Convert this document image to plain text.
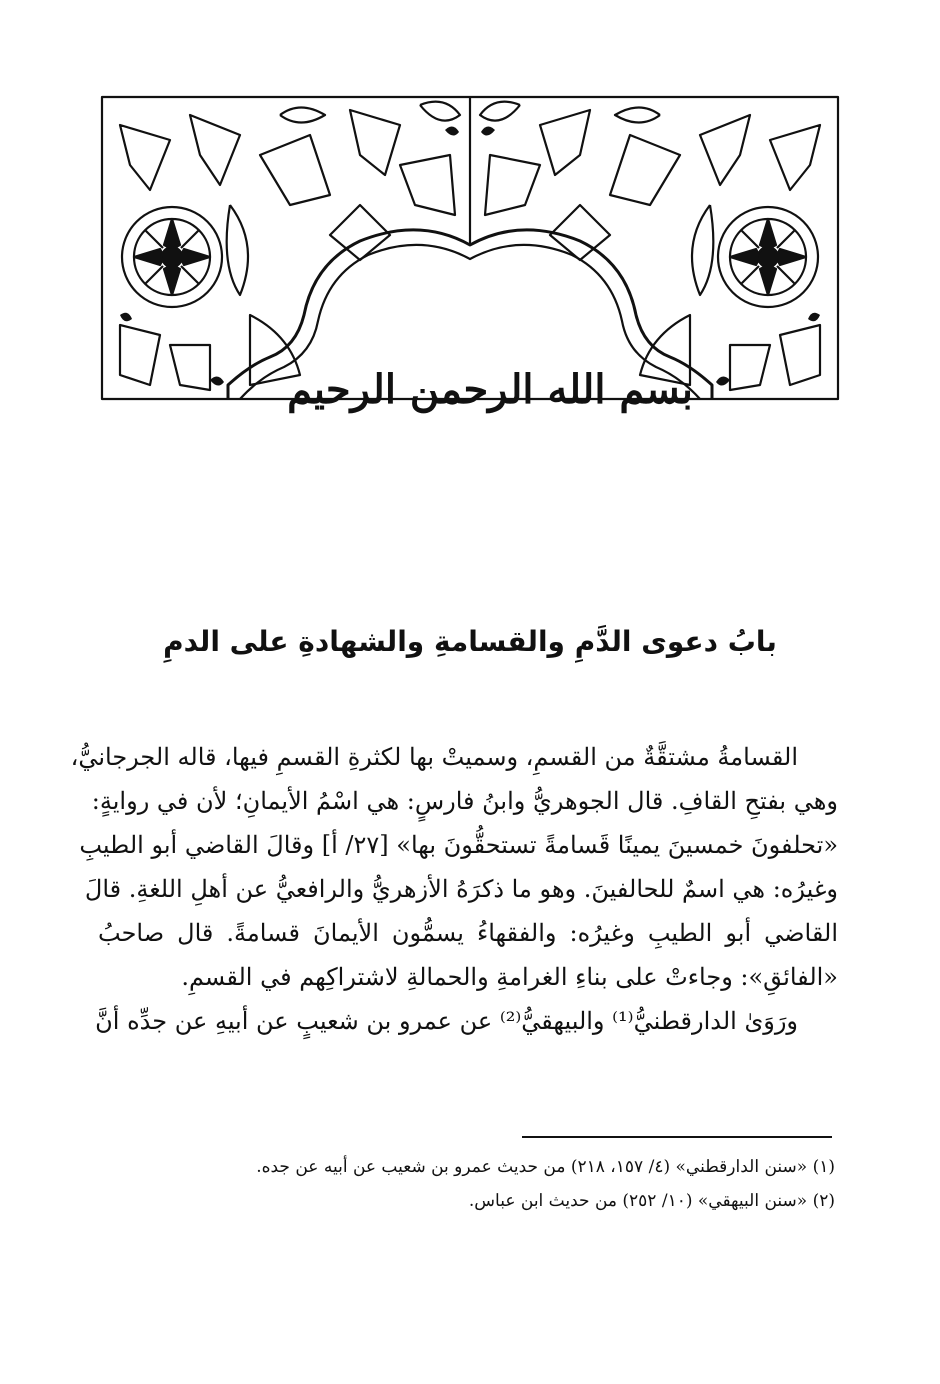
بسم الله الرحمن الرحيم
بابُ دعوى الدَّمِ والقسامةِ والشهادةِ على الدمِ
القسامةُ مشتقَّةٌ من القسمِ، وسميتْ بها لكثرةِ القسمِ فيها، قاله الجرجانيُّ،
وهي بفتحِ القافِ. قال الجوهريُّ وابنُ فارسٍ: هي اسْمُ الأيمانِ؛ لأن في روايةٍ:
«تحلفونَ خمسينَ يمينًا قَسامةً تستحقُّونَ بها» [٢٧/ أ] وقالَ القاضي أبو الطيبِ
وغيرُه: هي اسمٌ للحالفينَ. وهو ما ذكرَهُ الأزهريُّ والرافعيُّ عن أهلِ اللغةِ. قالَ
القاضي أبو الطيبِ وغيرُه: والفقهاءُ يسمُّون الأيمانَ قسامةً. قال صاحبُ
«الفائقِ»: وجاءتْ على بناءِ الغرامةِ والحمالةِ لاشتراكِهم في القسمِ.
ورَوَىٰ الدارقطنيُّ⁽¹⁾ والبيهقيُّ⁽²⁾ عن عمرو بن شعيبٍ عن أبيهِ عن جدِّه أنَّ
(١) «سنن الدارقطني» (٤/ ١٥٧، ٢١٨) من حديث عمرو بن شعيب عن أبيه عن جده.
(٢) «سنن البيهقي» (١٠/ ٢٥٢) من حديث ابن عباس.
